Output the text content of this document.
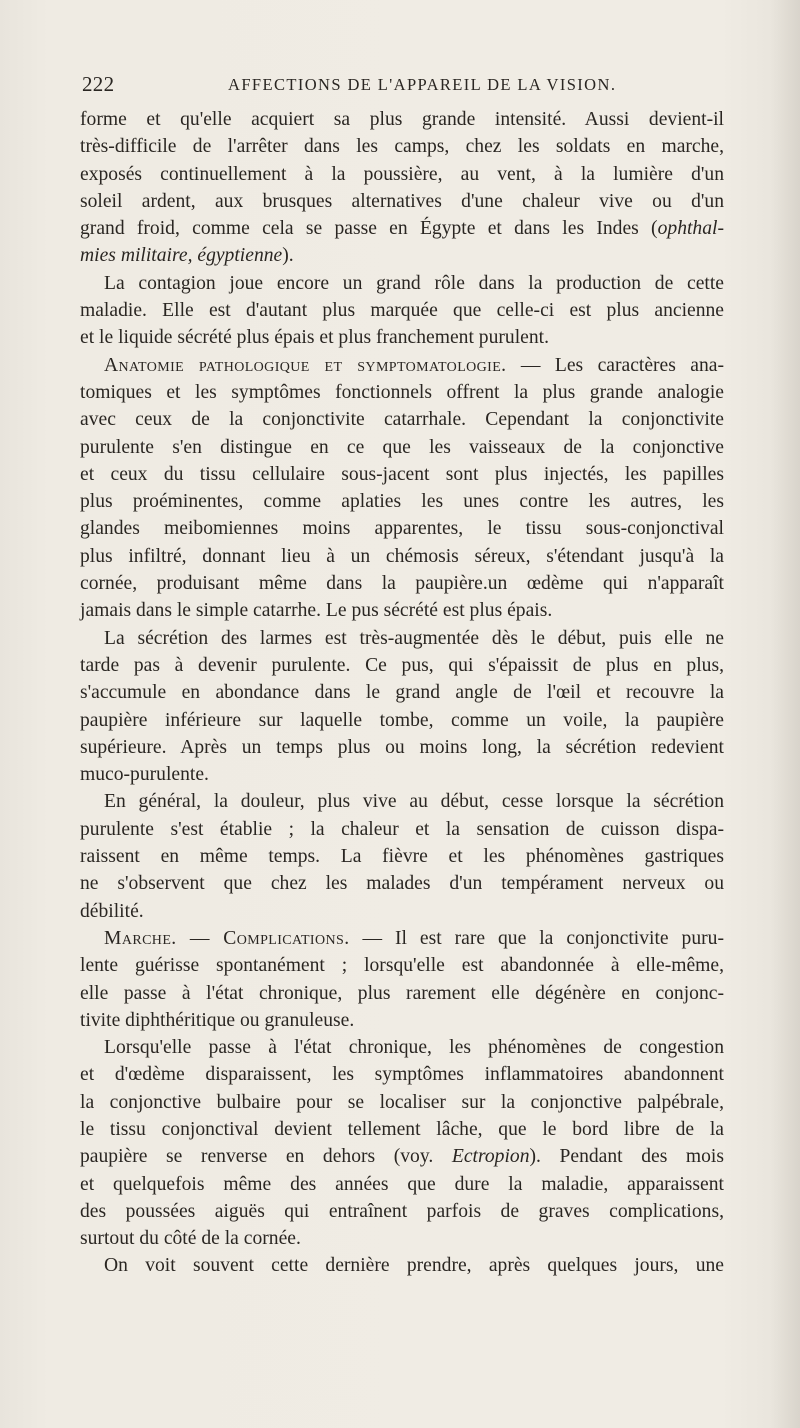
222	AFFECTIONS DE L'APPAREIL DE LA VISION.
forme et qu'elle acquiert sa plus grande intensité. Aussi devient-il
très-difficile de l'arrêter dans les camps, chez les soldats en marche,
exposés continuellement à la poussière, au vent, à la lumière d'un
soleil ardent, aux brusques alternatives d'une chaleur vive ou d'un
grand froid, comme cela se passe en Égypte et dans les Indes (ophthal-
mies militaire, égyptienne).
La contagion joue encore un grand rôle dans la production de cette
maladie. Elle est d'autant plus marquée que celle-ci est plus ancienne
et le liquide sécrété plus épais et plus franchement purulent.
Anatomie pathologique et symptomatologie. — Les caractères ana-
tomiques et les symptômes fonctionnels offrent la plus grande analogie
avec ceux de la conjonctivite catarrhale. Cependant la conjonctivite
purulente s'en distingue en ce que les vaisseaux de la conjonctive
et ceux du tissu cellulaire sous-jacent sont plus injectés, les papilles
plus proéminentes, comme aplaties les unes contre les autres, les
glandes meibomiennes moins apparentes, le tissu sous-conjonctival
plus infiltré, donnant lieu à un chémosis séreux, s'étendant jusqu'à la
cornée, produisant même dans la paupière.un œdème qui n'apparaît
jamais dans le simple catarrhe. Le pus sécrété est plus épais.
La sécrétion des larmes est très-augmentée dès le début, puis elle ne
tarde pas à devenir purulente. Ce pus, qui s'épaissit de plus en plus,
s'accumule en abondance dans le grand angle de l'œil et recouvre la
paupière inférieure sur laquelle tombe, comme un voile, la paupière
supérieure. Après un temps plus ou moins long, la sécrétion redevient
muco-purulente.
En général, la douleur, plus vive au début, cesse lorsque la sécrétion
purulente s'est établie ; la chaleur et la sensation de cuisson dispa-
raissent en même temps. La fièvre et les phénomènes gastriques
ne s'observent que chez les malades d'un tempérament nerveux ou
débilité.
Marche. — Complications. — Il est rare que la conjonctivite puru-
lente guérisse spontanément ; lorsqu'elle est abandonnée à elle-même,
elle passe à l'état chronique, plus rarement elle dégénère en conjonc-
tivite diphthéritique ou granuleuse.
Lorsqu'elle passe à l'état chronique, les phénomènes de congestion
et d'œdème disparaissent, les symptômes inflammatoires abandonnent
la conjonctive bulbaire pour se localiser sur la conjonctive palpébrale,
le tissu conjonctival devient tellement lâche, que le bord libre de la
paupière se renverse en dehors (voy. Ectropion). Pendant des mois
et quelquefois même des années que dure la maladie, apparaissent
des poussées aiguës qui entraînent parfois de graves complications,
surtout du côté de la cornée.
On voit souvent cette dernière prendre, après quelques jours, une
